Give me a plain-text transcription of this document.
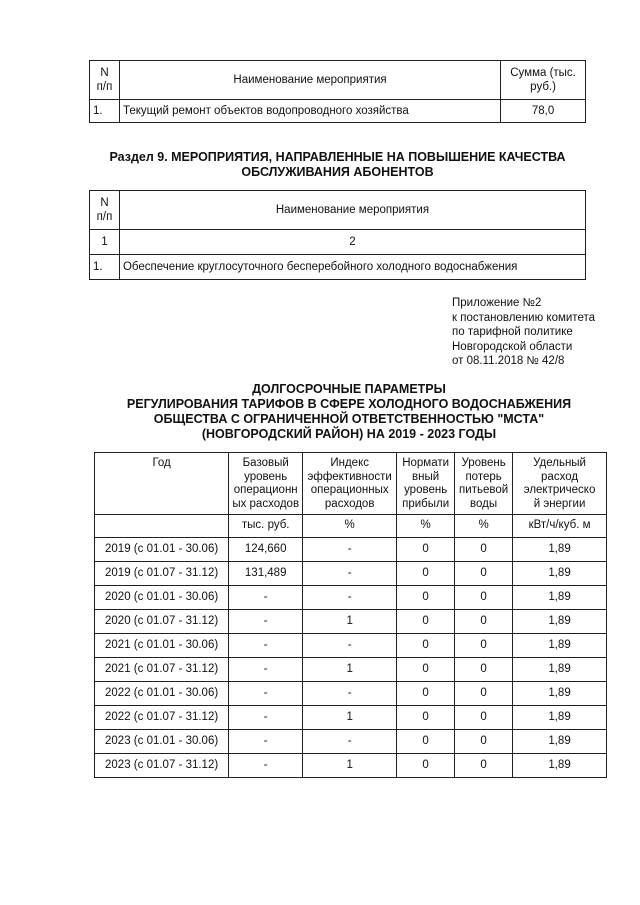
N
п/п	Наименование мероприятия	Сумма (тыс.
руб.)
1.	Текущий ремонт объектов водопроводного хозяйства	78,0
Раздел 9. МЕРОПРИЯТИЯ, НАПРАВЛЕННЫЕ НА ПОВЫШЕНИЕ КАЧЕСТВА
ОБСЛУЖИВАНИЯ АБОНЕНТОВ
N
п/п	Наименование мероприятия
1	2
1.	Обеспечение круглосуточного бесперебойного холодного водоснабжения
Приложение №2
к постановлению комитета
по тарифной политике
Новгородской области
от 08.11.2018 № 42/8
ДОЛГОСРОЧНЫЕ ПАРАМЕТРЫ
РЕГУЛИРОВАНИЯ ТАРИФОВ В СФЕРЕ ХОЛОДНОГО ВОДОСНАБЖЕНИЯ
ОБЩЕСТВА С ОГРАНИЧЕННОЙ ОТВЕТСТВЕННОСТЬЮ "МСТА"
(НОВГОРОДСКИЙ РАЙОН) НА 2019 - 2023 ГОДЫ
Год	Базовый
уровень
операционн
ых расходов	Индекс
эффективности
операционных
расходов	Нормати
вный
уровень
прибыли	Уровень
потерь
питьевой
воды	Удельный
расход
электрическо
й энергии
	тыс. руб.	%	%	%	кВт/ч/куб. м
2019 (с 01.01 - 30.06)	124,660	-	0	0	1,89
2019 (с 01.07 - 31.12)	131,489	-	0	0	1,89
2020 (с 01.01 - 30.06)	-	-	0	0	1,89
2020 (с 01.07 - 31.12)	-	1	0	0	1,89
2021 (с 01.01 - 30.06)	-	-	0	0	1,89
2021 (с 01.07 - 31.12)	-	1	0	0	1,89
2022 (с 01.01 - 30.06)	-	-	0	0	1,89
2022 (с 01.07 - 31.12)	-	1	0	0	1,89
2023 (с 01.01 - 30.06)	-	-	0	0	1,89
2023 (с 01.07 - 31.12)	-	1	0	0	1,89
